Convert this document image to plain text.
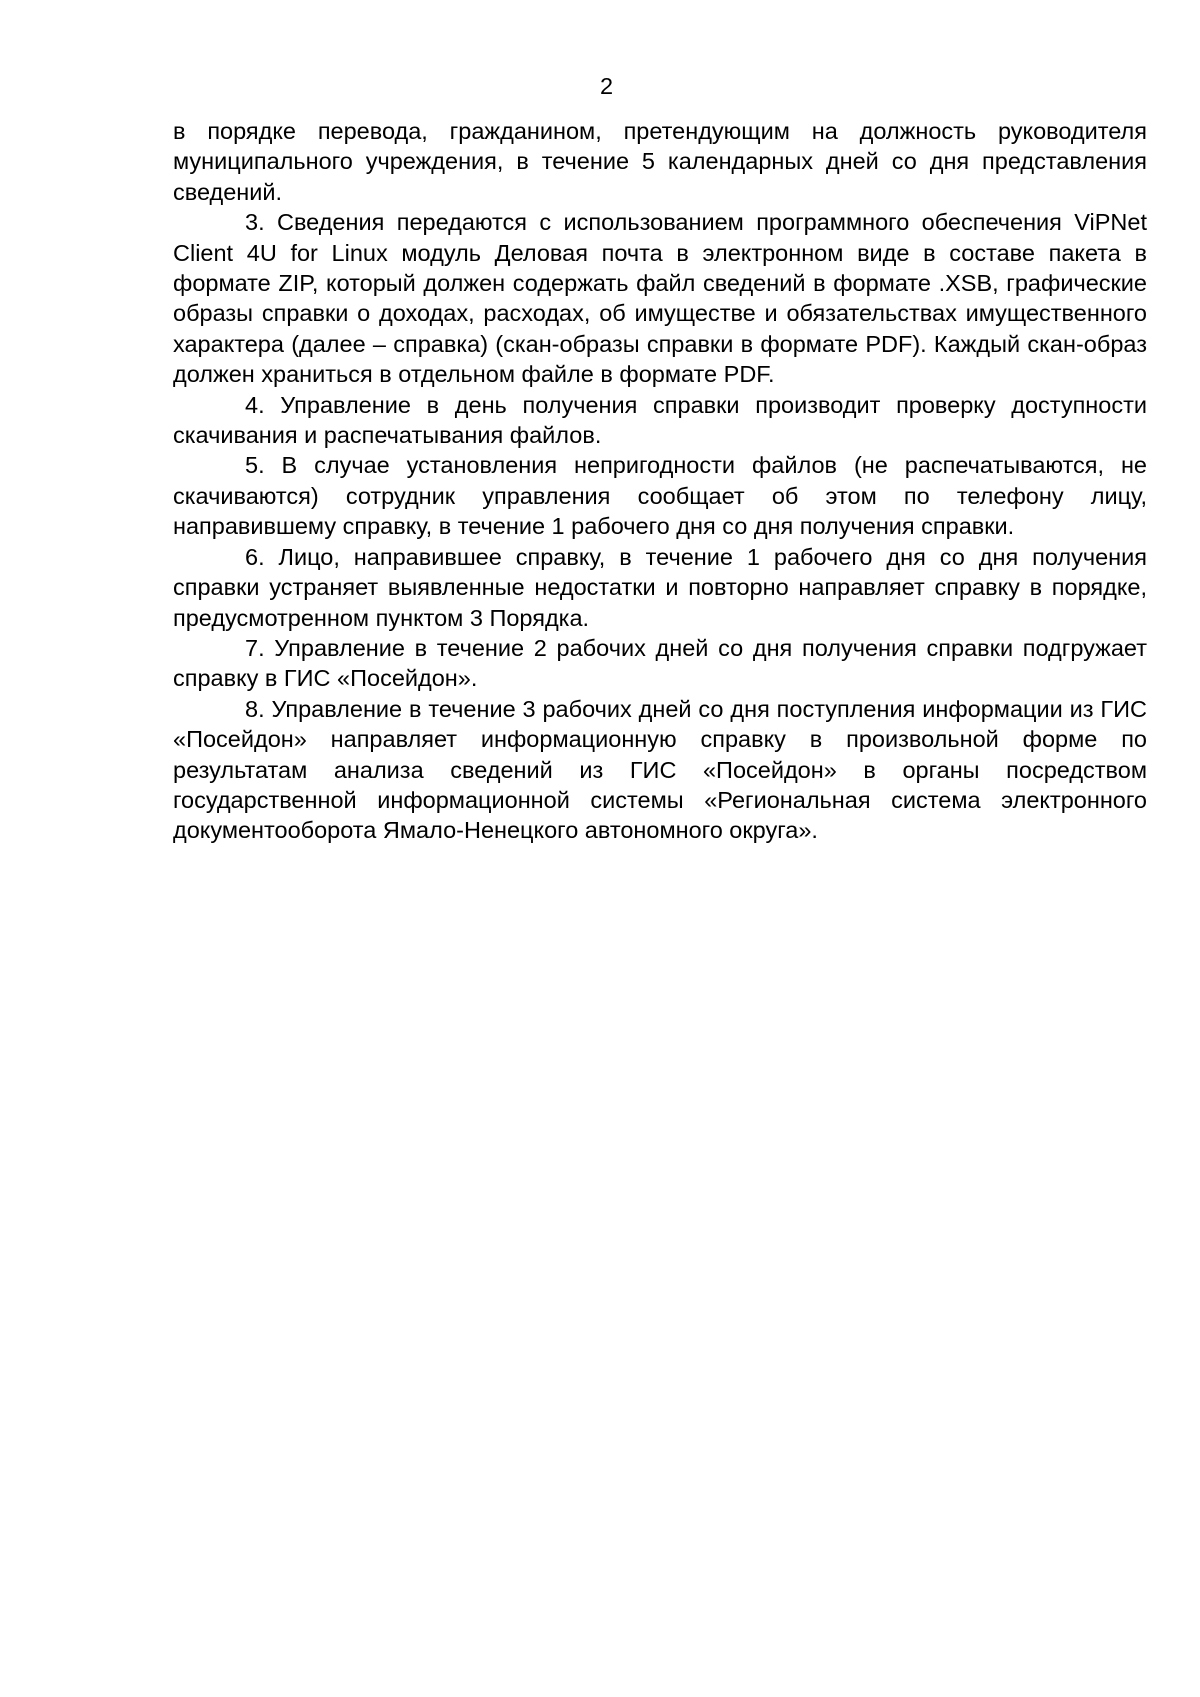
2

в порядке перевода, гражданином, претендующим на должность руководителя муниципального учреждения, в течение 5 календарных дней со дня представления сведений.

3. Сведения передаются с использованием программного обеспечения ViPNet Client 4U for Linux модуль Деловая почта в электронном виде в составе пакета в формате ZIP, который должен содержать файл сведений в формате .XSB, графические образы справки о доходах, расходах, об имуществе и обязательствах имущественного характера (далее – справка) (скан-образы справки в формате PDF). Каждый скан-образ должен храниться в отдельном файле в формате PDF.

4. Управление в день получения справки производит проверку доступности скачивания и распечатывания файлов.

5. В случае установления непригодности файлов (не распечатываются, не скачиваются) сотрудник управления сообщает об этом по телефону лицу, направившему справку, в течение 1 рабочего дня со дня получения справки.

6. Лицо, направившее справку, в течение 1 рабочего дня со дня получения справки устраняет выявленные недостатки и повторно направляет справку в порядке, предусмотренном пунктом 3 Порядка.

7. Управление в течение 2 рабочих дней со дня получения справки подгружает справку в ГИС «Посейдон».

8. Управление в течение 3 рабочих дней со дня поступления информации из ГИС «Посейдон» направляет информационную справку в произвольной форме по результатам анализа сведений из ГИС «Посейдон» в органы посредством государственной информационной системы «Региональная система электронного документооборота Ямало-Ненецкого автономного округа».
